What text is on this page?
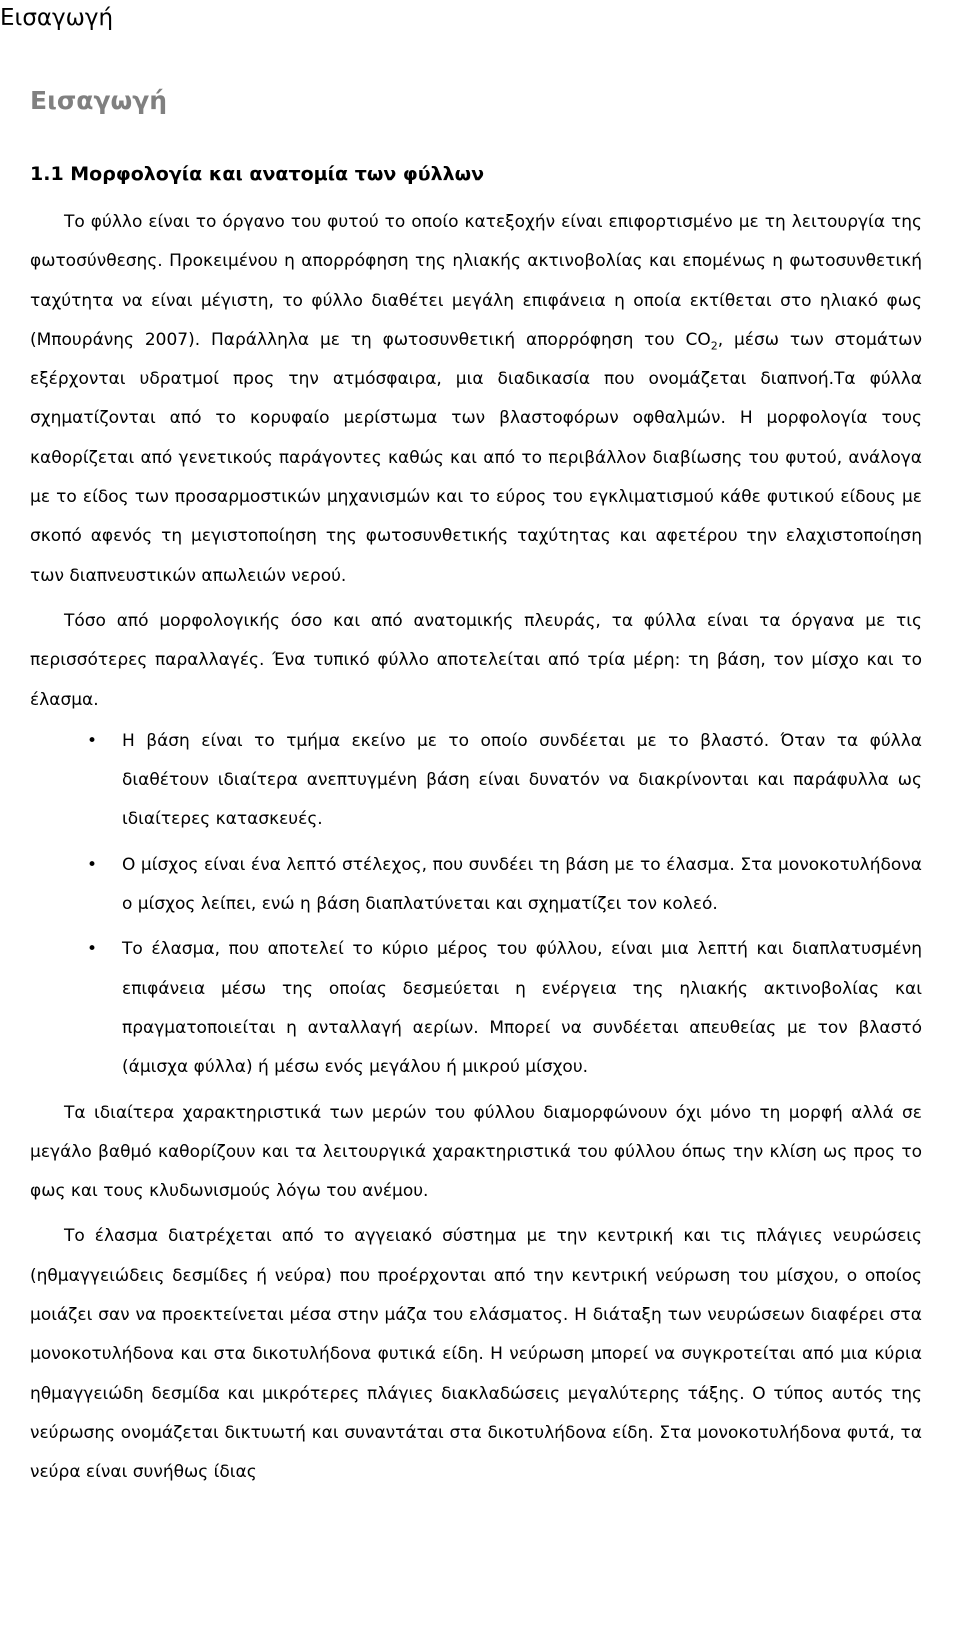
Εισαγωγή
Εισαγωγή
1.1 Μορφολογία και ανατομία των φύλλων

Το φύλλο είναι το όργανο του φυτού το οποίο κατεξοχήν είναι επιφορτισμένο με τη λειτουργία της φωτοσύνθεσης. Προκειμένου η απορρόφηση της ηλιακής ακτινοβολίας και επομένως η φωτοσυνθετική ταχύτητα να είναι μέγιστη, το φύλλο διαθέτει μεγάλη επιφάνεια η οποία εκτίθεται στο ηλιακό φως (Μπουράνης 2007). Παράλληλα με τη φωτοσυνθετική απορρόφηση του $CO_2$, μέσω των στομάτων εξέρχονται υδρατμοί προς την ατμόσφαιρα, μια διαδικασία που ονομάζεται διαπνοή.Τα φύλλα σχηματίζονται από το κορυφαίο μερίστωμα των βλαστοφόρων οφθαλμών. Η μορφολογία τους καθορίζεται από γενετικούς παράγοντες καθώς και από το περιβάλλον διαβίωσης του φυτού, ανάλογα με το είδος των προσαρμοστικών μηχανισμών και το εύρος του εγκλιματισμού κάθε φυτικού είδους με σκοπό αφενός τη μεγιστοποίηση της φωτοσυνθετικής ταχύτητας και αφετέρου την ελαχιστοποίηση των διαπνευστικών απωλειών νερού.

Τόσο από μορφολογικής όσο και από ανατομικής πλευράς, τα φύλλα είναι τα όργανα με τις περισσότερες παραλλαγές. Ένα τυπικό φύλλο αποτελείται από τρία μέρη: τη βάση, τον μίσχο και το έλασμα.

• Η βάση είναι το τμήμα εκείνο με το οποίο συνδέεται με το βλαστό. Όταν τα φύλλα διαθέτουν ιδιαίτερα ανεπτυγμένη βάση είναι δυνατόν να διακρίνονται και παράφυλλα ως ιδιαίτερες κατασκευές.
• Ο μίσχος είναι ένα λεπτό στέλεχος, που συνδέει τη βάση με το έλασμα. Στα μονοκοτυλήδονα ο μίσχος λείπει, ενώ η βάση διαπλατύνεται και σχηματίζει τον κολεό.
• Το έλασμα, που αποτελεί το κύριο μέρος του φύλλου, είναι μια λεπτή και διαπλατυσμένη επιφάνεια μέσω της οποίας δεσμεύεται η ενέργεια της ηλιακής ακτινοβολίας και πραγματοποιείται η ανταλλαγή αερίων. Μπορεί να συνδέεται απευθείας με τον βλαστό (άμισχα φύλλα) ή μέσω ενός μεγάλου ή μικρού μίσχου.

Τα ιδιαίτερα χαρακτηριστικά των μερών του φύλλου διαμορφώνουν όχι μόνο τη μορφή αλλά σε μεγάλο βαθμό καθορίζουν και τα λειτουργικά χαρακτηριστικά του φύλλου όπως την κλίση ως προς το φως και τους κλυδωνισμούς λόγω του ανέμου.

Το έλασμα διατρέχεται από το αγγειακό σύστημα με την κεντρική και τις πλάγιες νευρώσεις (ηθμαγγειώδεις δεσμίδες ή νεύρα) που προέρχονται από την κεντρική νεύρωση του μίσχου, ο οποίος μοιάζει σαν να προεκτείνεται μέσα στην μάζα του ελάσματος. Η διάταξη των νευρώσεων διαφέρει στα μονοκοτυλήδονα και στα δικοτυλήδονα φυτικά είδη. Η νεύρωση μπορεί να συγκροτείται από μια κύρια ηθμαγγειώδη δεσμίδα και μικρότερες πλάγιες διακλαδώσεις μεγαλύτερης τάξης. Ο τύπος αυτός της νεύρωσης ονομάζεται δικτυωτή και συναντάται στα δικοτυλήδονα είδη. Στα μονοκοτυλήδονα φυτά, τα νεύρα είναι συνήθως ίδιας
